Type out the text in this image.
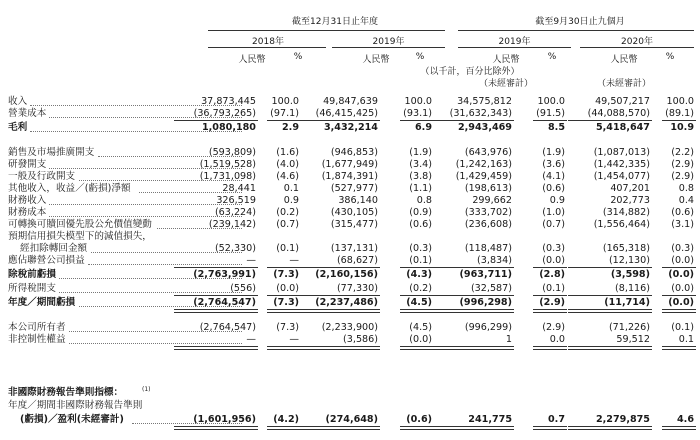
截至12月31日止年度	截至9月30日止九個月
2018年	2019年	2019年	2020年
人民幣	%	人民幣	%	人民幣	%	人民幣	%
（以千計，百分比除外）
（未經審計）	（未經審計）
收入	37,873,445 100.0	49,847,639	100.0	34,575,812	100.0	49,507,217 100.0
營業成本	(36,793,265) (97.1) (46,415,425)	(93.1) (31,632,343)	(91.5) (44,088,570) (89.1)
毛利	1,080,180	2.9	3,432,214	6.9	2,943,469	8.5	5,418,647 10.9
銷售及市場推廣開支	(593,809) (1.6)	(946,853)	(1.9)	(643,976)	(1.9)	(1,087,013) (2.2)
研發開支	(1,519,528) (4.0) (1,677,949)	(3.4) (1,242,163)	(3.6)	(1,442,335) (2.9)
一般及行政開支	(1,731,098) (4.6) (1,874,391)	(3.8) (1,429,459)	(4.1)	(1,454,077) (2.9)
其他收入，收益／(虧損)淨額	28,441	0.1	(527,977)	(1.1)	(198,613)	(0.6)	407,201	0.8
財務收入	326,519	0.9	386,140	0.8	299,662	0.9	202,773	0.4
財務成本	(63,224) (0.2)	(430,105)	(0.9)	(333,702)	(1.0)	(314,882) (0.6)
可轉換可贖回優先股公允價值變動	(239,142) (0.7)	(315,477)	(0.6)	(236,608)	(0.7)	(1,556,464) (3.1)
預期信用損失模型下的減值損失，
經扣除轉回金額	(52,330) (0.1)	(137,131)	(0.3)	(118,487)	(0.3)	(165,318) (0.3)
應佔聯營公司損益	—	—	(68,627)	(0.1)	(3,834)	(0.0)	(12,130) (0.0)
除稅前虧損	(2,763,991) (7.3) (2,160,156)	(4.3)	(963,711)	(2.8)	(3,598) (0.0)
所得稅開支	(556) (0.0)	(77,330)	(0.2)	(32,587)	(0.1)	(8,116) (0.0)
年度／期間虧損	(2,764,547) (7.3) (2,237,486)	(4.5)	(996,298)	(2.9)	(11,714) (0.0)
本公司所有者	(2,764,547) (7.3) (2,233,900)	(4.5)	(996,299)	(2.9)	(71,226) (0.1)
非控制性權益	—	—	(3,586)	(0.0)	1	0.0	59,512	0.1
年度／期間非國際財務報告準則
(虧損)／盈利(未經審計)	(1,601,956) (4.2)	(274,648)	(0.6)	241,775	0.7	2,279,875	4.6
非國際財務報告準則指標：	(1)
